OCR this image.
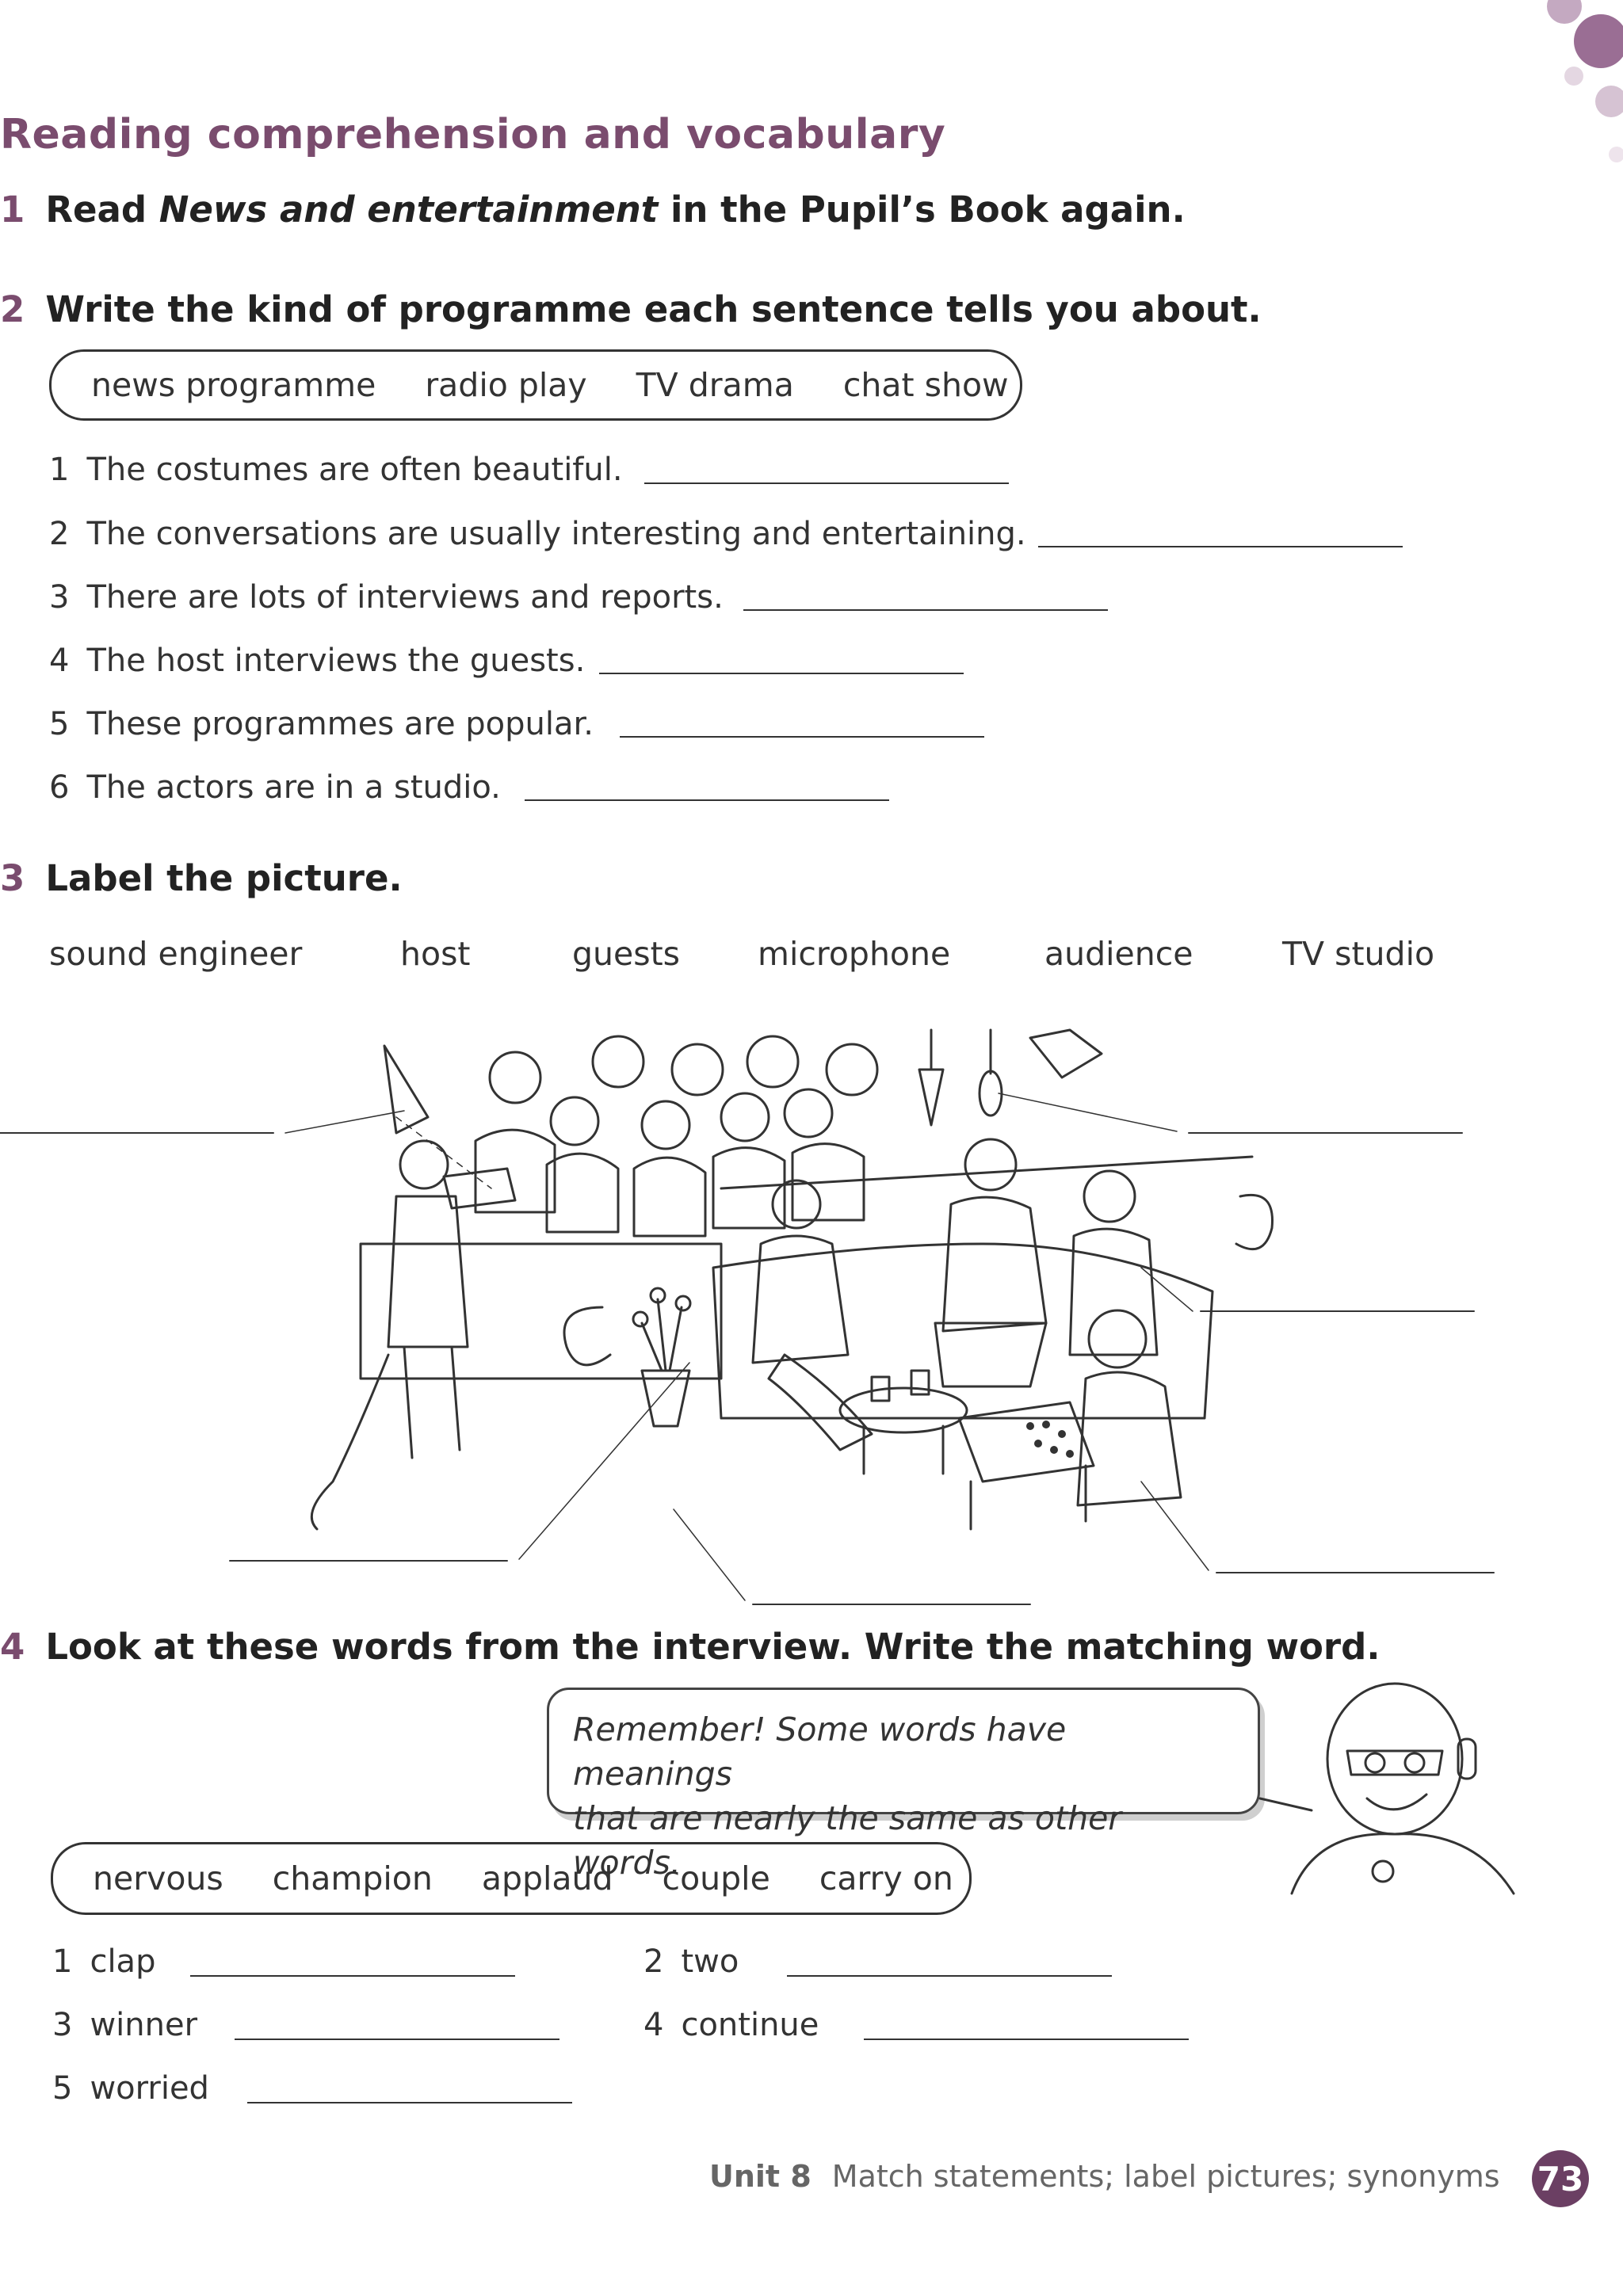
Reading comprehension and vocabulary

1 Read News and entertainment in the Pupil’s Book again.

2 Write the kind of programme each sentence tells you about.

news programme radio play TV drama chat show
1 The costumes are often beautiful.
2 The conversations are usually interesting and entertaining.
3 There are lots of interviews and reports.
4 The host interviews the guests.
5 These programmes are popular.
6 The actors are in a studio.

3 Label the picture.

sound engineer	host	guests microphone	audience	TV studio

4 Look at these words from the interview. Write the matching word.

Remember! Some words have meanings
that are nearly the same as other words.
nervous champion applaud couple carry on
1 clap	2 two
3 winner	4 continue
5 worried
Unit 8 Match statements; label pictures; synonyms 73
